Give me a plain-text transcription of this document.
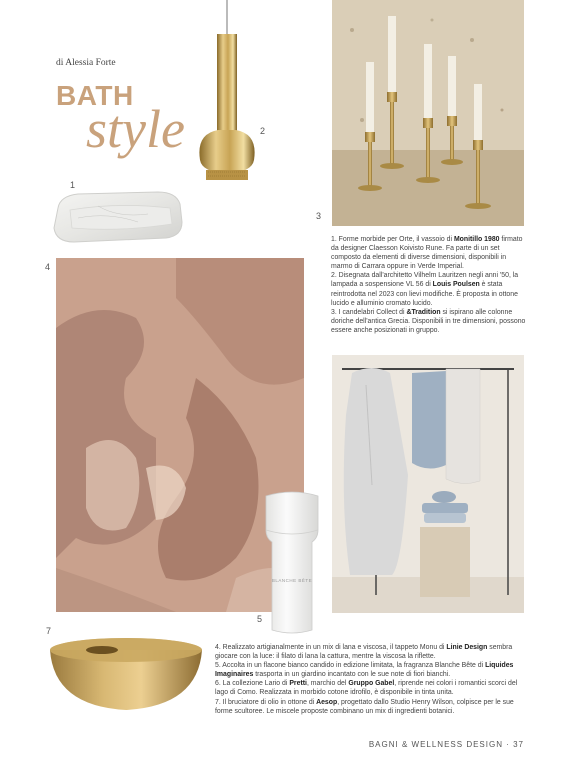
di Alessia Forte
BATH
style
1
2
3

1. Forme morbide per Orte, il vassoio di Monitillo 1980 firmato da designer Claesson Koivisto Rune. Fa parte di un set composto da elementi di diverse dimensioni, disponibili in marmo di Carrara oppure in Verde Imperial.

2. Disegnata dall'architetto Vilhelm Lauritzen negli anni '50, la lampada a sospensione VL 56 di Louis Poulsen è stata reintrodotta nel 2023 con lievi modifiche. È proposta in ottone lucido e alluminio cromato lucido.

3. I candelabri Collect di &Tradition si ispirano alle colonne doriche dell'antica Grecia. Disponibili in tre dimensioni, possono essere anche posizionati in gruppo.

4
BLANCHE BÊTE
5
7

4. Realizzato artigianalmente in un mix di lana e viscosa, il tappeto Monu di Linie Design sembra giocare con la luce: il filato di lana la cattura, mentre la viscosa la riflette.

5. Accolta in un flacone bianco candido in edizione limitata, la fragranza Blanche Bête di Liquides Imaginaires trasporta in un giardino incantato con le sue note di fiori bianchi.

6. La collezione Lario di Pretti, marchio del Gruppo Gabel, riprende nei colori i romantici scorci del lago di Como. Realizzata in morbido cotone idrofilo, è disponibile in tinta unita.

7. Il bruciatore di olio in ottone di Aesop, progettato dallo Studio Henry Wilson, colpisce per le sue forme scultoree. Le miscele proposte combinano un mix di ingredienti botanici.

BAGNI & WELLNESS DESIGN · 37
